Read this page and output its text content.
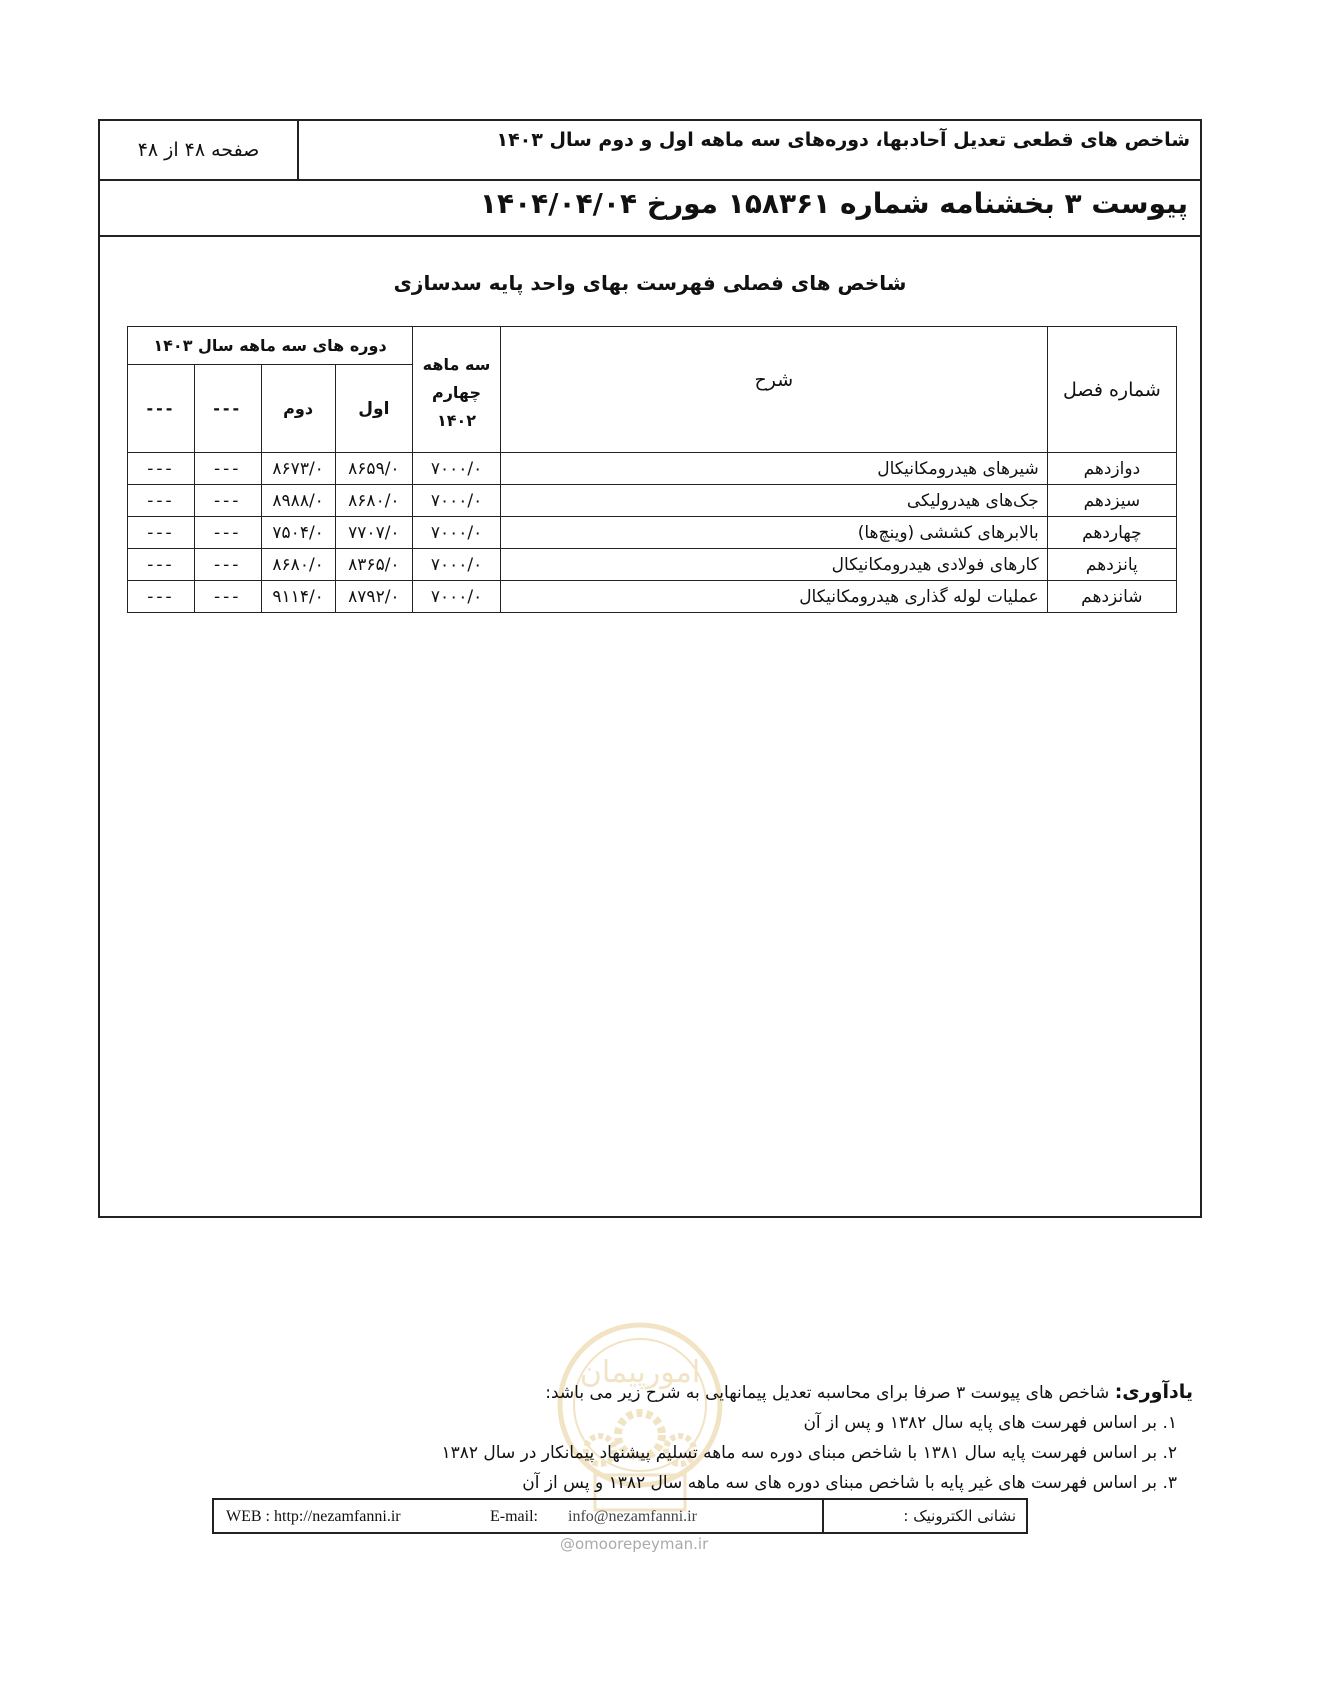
شاخص های قطعی تعدیل آحادبها، دوره‌های سه ماهه اول و دوم سال ۱۴۰۳
صفحه ۴۸ از ۴۸
پیوست ۳ بخشنامه شماره ۱۵۸۳۶۱ مورخ ۱۴۰۴/۰۴/۰۴
شاخص های فصلی فهرست بهای واحد پایه سدسازی
شماره فصل	شرح	سه ماهه چهارم ۱۴۰۲	دوره های سه ماهه سال ۱۴۰۳			
			اول	دوم	---	---
دوازدهم	شیرهای هیدرومکانیکال	۷۰۰۰/۰	۸۶۵۹/۰	۸۶۷۳/۰	---	---
سیزدهم	جک‌های هیدرولیکی	۷۰۰۰/۰	۸۶۸۰/۰	۸۹۸۸/۰	---	---
چهاردهم	بالابرهای کششی (وینچ‌ها)	۷۰۰۰/۰	۷۷۰۷/۰	۷۵۰۴/۰	---	---
پانزدهم	کارهای فولادی هیدرومکانیکال	۷۰۰۰/۰	۸۳۶۵/۰	۸۶۸۰/۰	---	---
شانزدهم	عملیات لوله گذاری هیدرومکانیکال	۷۰۰۰/۰	۸۷۹۲/۰	۹۱۱۴/۰	---	---
امورپیمان
@omoorepeyman.ir
یادآوری: شاخص های پیوست ۳ صرفا برای محاسبه تعدیل پیمانهایی به شرح زیر می باشد:
۱. بر اساس فهرست های پایه سال ۱۳۸۲ و پس از آن
۲. بر اساس فهرست پایه سال ۱۳۸۱ با شاخص مبنای دوره سه ماهه تسلیم پیشنهاد پیمانکار در سال ۱۳۸۲
۳. بر اساس فهرست های غیر پایه با شاخص مبنای دوره های سه ماهه سال ۱۳۸۲ و پس از آن
نشانی الکترونیک :
WEB : http://nezamfanni.ir	E-mail: info@nezamfanni.ir
